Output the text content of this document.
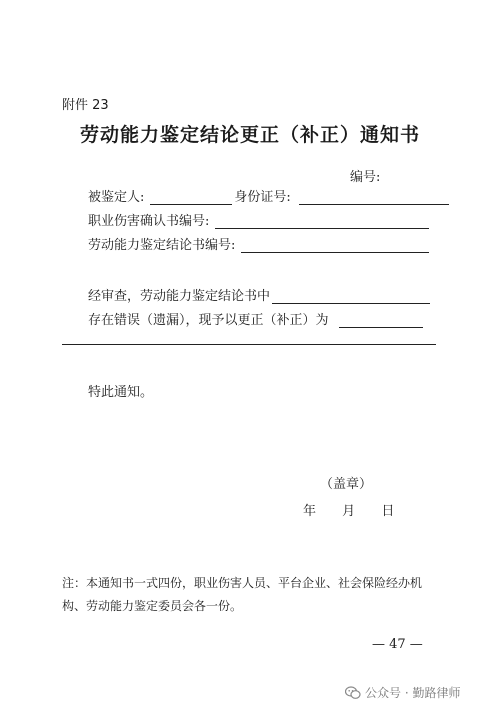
附件 23
劳动能力鉴定结论更正（补正）通知书
编号:
被鉴定人:	身份证号:
职业伤害确认书编号:
劳动能力鉴定结论书编号:
经审查，劳动能力鉴定结论书中
存在错误（遗漏），现予以更正（补正）为
特此通知。
（盖章）
年 月 日
注：本通知书一式四份，职业伤害人员、平台企业、社会保险经办机构、劳动能力鉴定委员会各一份。
— 47 —
公众号 · 勤路律师
